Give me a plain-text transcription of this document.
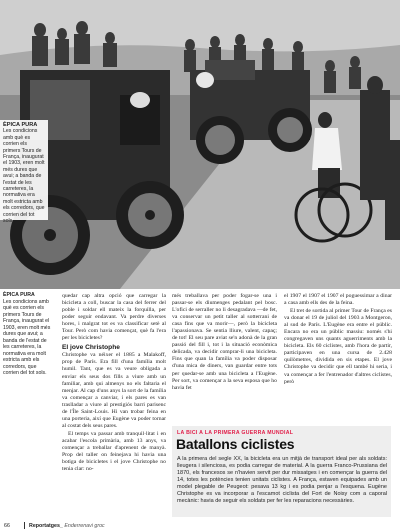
ÈPICA PURA

Les condicions amb què es corrien els primers Tours de França, inaugurat el 1903, eren molt més dures que avui; a banda de l'estat de les carreteres, la normativa era molt estricta amb els corredors, que corrien del tot sols.

ÈPICA PURA
Les condicions amb què es corrien els primers Tours de França, inaugurat el 1903, eren molt més dures que avui; a banda de l'estat de les carreteres, la normativa era molt estricta amb els corredors, que corrien del tot sols.

quedar cap altra opció que carregar la bicicleta a coll, buscar la casa del ferrer del poble i soldar ell mateix la forquilla, per poder seguir endavant. Va perdre diverses hores, i malgrat tot es va classificar setè al Tour. Però com havia començat, què fa l'era per les bicicletes?

El jove Christophe

Christophe va néixer el 1885 a Malakoff, prop de París. Era fill d'una família molt humil. Tant, que es va veure obligada a enviar els seus dos fills a viure amb un familiar, amb qui almenys no els faltaria el menjar. Al cap d'uns anys la sort de la família va començar a canviar, i els pares es van traslladar a viure al prestigiós barri parisenc de l'Île Saint-Louis. Hi van trobar feina en una porteria, així que Eugène va poder tornar al costat dels seus pares.

El temps va passar amb tranquil·litat i en acabar l'escola primària, amb 13 anys, va començar a treballar d'aprenent de manyà. Prop del taller on feinejava hi havia una botiga de bicicletes i el jove Christophe no tenia clar: no-

més treballava per poder fogar-se una i passar-se els diumenges pedalant pel bosc. L'ofici de serraller no li desagradava —de fet, va conservar un petit taller al sotterrani de casa fins que va morir—, però la bicicleta l'apassionava. Se sentia lliure, valent, capaç; de tot! El seu pare aviat se'n adonà de la gran passió del fill i, tot i la situació econòmica delicada, va decidir comprar-li una bicicleta. Fins que quan la família va poder disposar d'una mica de diners, van guardar entre tots per quedar-se amb una bicicleta a l'Eugène. Per sort, va començar a la seva esposa que ho havia fet

el 1907 el 1907 el 1907 el poguessimar a dinar a casa amb ells des de la feina.

El tret de sortida al primer Tour de França es va donar el 19 de juliol del 1903 a Montgeron, al sud de París. L'Eugène era entre el públic. Encara no era un públic massiu: només s'hi congregaven uns quants aguerriments amb la bicicleta. Els 60 ciclistes, amb l'hora de partir, participaven en una cursa de 2.428 quilòmetres, dividida en sis etapes. El jove Christophe va decidir que ell també hi seria, i va començar a fer l'entrenador d'altres ciclistes, però

LA BICI A LA PRIMERA GUERRA MUNDIAL
Batallons ciclistes

A la primera del segle XX, la bicicleta era un mitjà de transport ideal per als soldats: lleugera i silenciosa, es podia carregar de material. A la guerra Franco-Prussiana del 1870, els francesos se n'havien servit per dur missatges i en començar la guerra del 14, totes les potències tenien unitats ciclistes. A França, estaven equipades amb un model plegable de Peugeot: pesava 13 kg i es podia penjar a l'esquena. Eugène Christophe es va incorporar a l'escamot ciclista del Fort de Noisy com a caporal mecànic: havia de seguir els soldats per fer les reparacions necessàries.

66	Reportatges_ Enderrenavi groc
